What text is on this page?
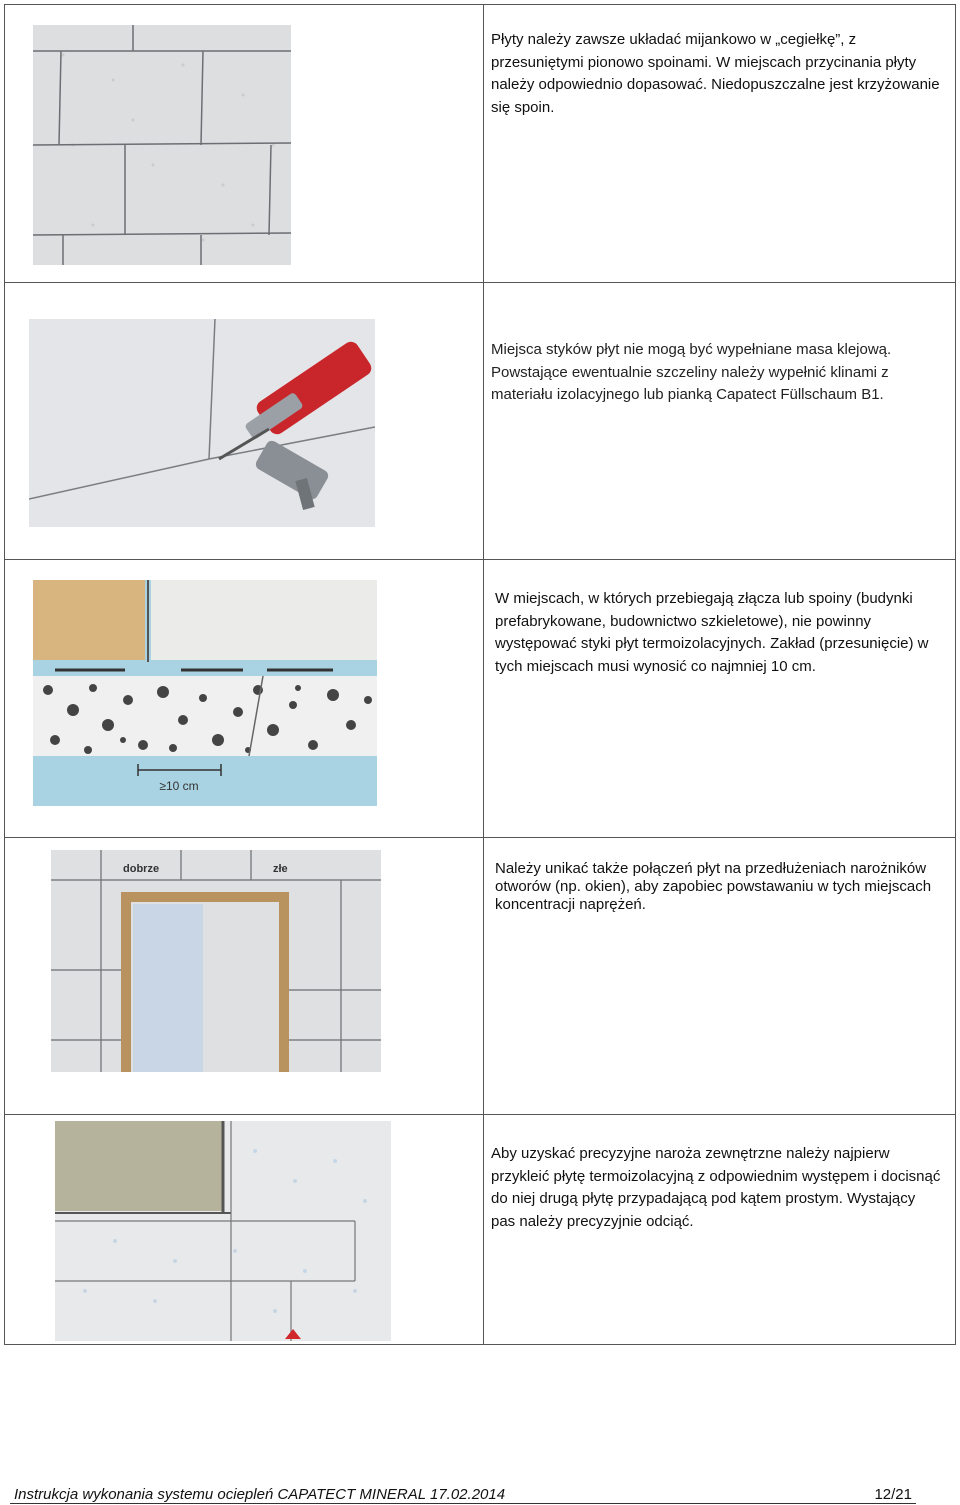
Płyty należy zawsze układać mijankowo w „cegiełkę”, z przesuniętymi pionowo spoinami. W miejscach przycinania płyty należy odpowiednio dopasować. Niedopuszczalne jest krzyżowanie się spoin.
Miejsca styków płyt nie mogą być wypełniane masa klejową. Powstające ewentualnie szczeliny należy wypełnić klinami z materiału izolacyjnego lub pianką Capatect Füllschaum B1.
≥10 cm
W miejscach, w których przebiegają złącza lub spoiny (budynki prefabrykowane, budownictwo szkieletowe), nie powinny występować styki płyt termoizolacyjnych. Zakład (przesunięcie) w tych miejscach musi wynosić co najmniej 10 cm.
dobrze	złe	Należy unikać także połączeń płyt na przedłużeniach narożników otworów (np. okien), aby zapobiec powstawaniu w tych miejscach koncentracji naprężeń.
Aby uzyskać precyzyjne naroża zewnętrzne należy najpierw przykleić płytę termoizolacyjną z odpowiednim występem i docisnąć do niej drugą płytę przypadającą pod kątem prostym. Wystający pas należy precyzyjnie odciąć.
Instrukcja wykonania systemu ociepleń CAPATECT MINERAL 17.02.2014	12/21
